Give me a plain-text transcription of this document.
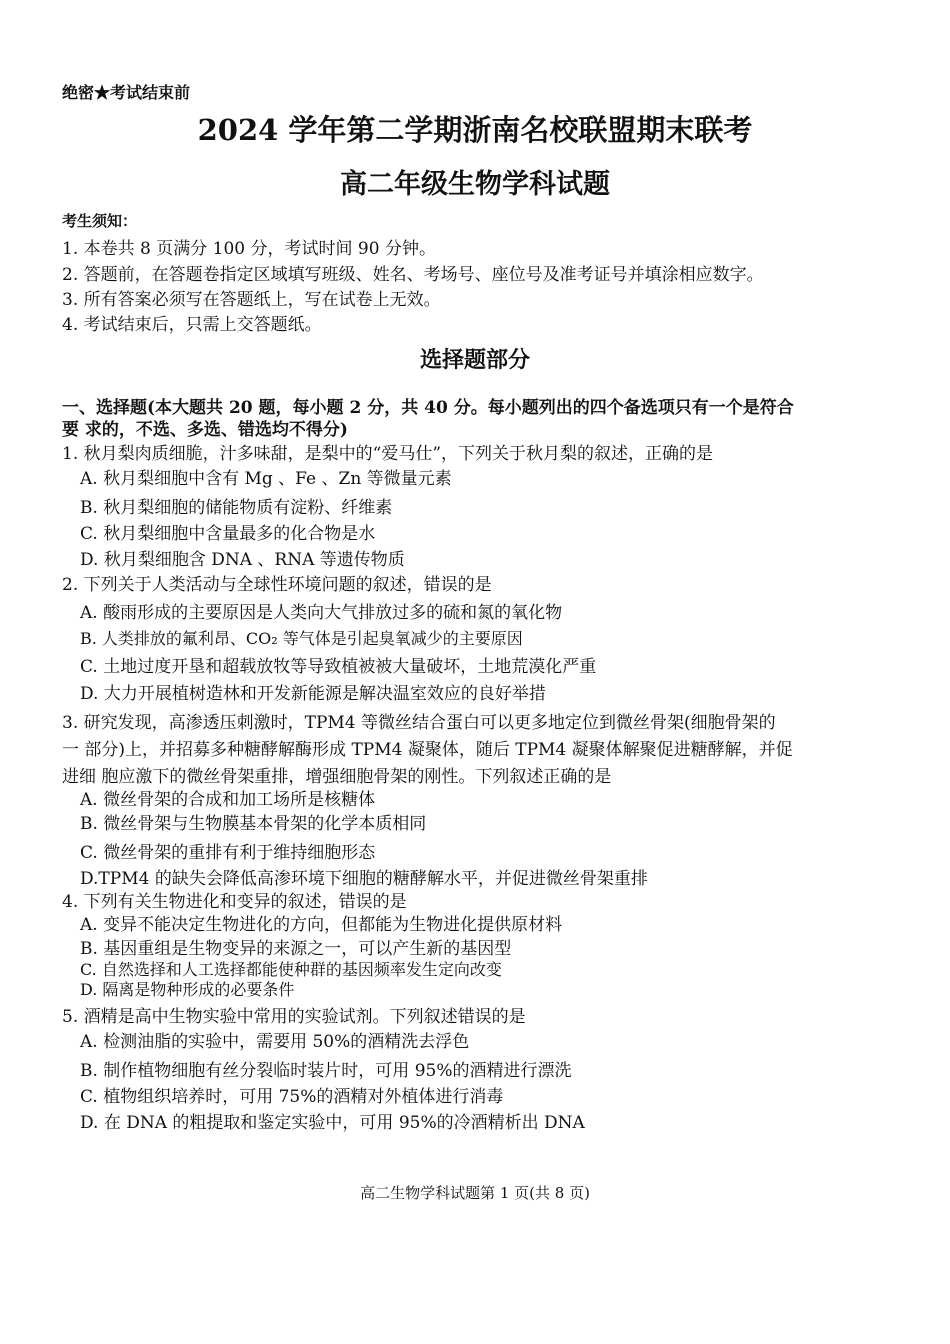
绝密★考试结束前
2024 学年第二学期浙南名校联盟期末联考
高二年级生物学科试题
考生须知：
1. 本卷共 8 页满分 100 分，考试时间 90 分钟。
2. 答题前，在答题卷指定区域填写班级、姓名、考场号、座位号及准考证号并填涂相应数字。
3. 所有答案必须写在答题纸上，写在试卷上无效。
4. 考试结束后，只需上交答题纸。
选择题部分
一、选择题(本大题共 20 题，每小题 2 分，共 40 分。每小题列出的四个备选项只有一个是符合
要 求的，不选、多选、错选均不得分)
1. 秋月梨肉质细脆，汁多味甜，是梨中的“爱马仕”，下列关于秋月梨的叙述，正确的是
A. 秋月梨细胞中含有 Mg 、Fe 、Zn 等微量元素
B. 秋月梨细胞的储能物质有淀粉、纤维素
C. 秋月梨细胞中含量最多的化合物是水
D. 秋月梨细胞含 DNA 、RNA 等遗传物质
2. 下列关于人类活动与全球性环境问题的叙述，错误的是
A. 酸雨形成的主要原因是人类向大气排放过多的硫和氮的氧化物
B. 人类排放的氟利昂、CO₂ 等气体是引起臭氧减少的主要原因
C. 土地过度开垦和超载放牧等导致植被被大量破坏，土地荒漠化严重
D. 大力开展植树造林和开发新能源是解决温室效应的良好举措
3. 研究发现，高渗透压刺激时，TPM4 等微丝结合蛋白可以更多地定位到微丝骨架(细胞骨架的
一 部分)上，并招募多种糖酵解酶形成 TPM4 凝聚体，随后 TPM4 凝聚体解聚促进糖酵解，并促
进细 胞应激下的微丝骨架重排，增强细胞骨架的刚性。下列叙述正确的是
A. 微丝骨架的合成和加工场所是核糖体
B. 微丝骨架与生物膜基本骨架的化学本质相同
C. 微丝骨架的重排有利于维持细胞形态
D.TPM4 的缺失会降低高渗环境下细胞的糖酵解水平，并促进微丝骨架重排
4. 下列有关生物进化和变异的叙述，错误的是
A. 变异不能决定生物进化的方向，但都能为生物进化提供原材料
B. 基因重组是生物变异的来源之一，可以产生新的基因型
C. 自然选择和人工选择都能使种群的基因频率发生定向改变
D. 隔离是物种形成的必要条件
5. 酒精是高中生物实验中常用的实验试剂。下列叙述错误的是
A. 检测油脂的实验中，需要用 50%的酒精洗去浮色
B. 制作植物细胞有丝分裂临时装片时，可用 95%的酒精进行漂洗
C. 植物组织培养时，可用 75%的酒精对外植体进行消毒
D. 在 DNA 的粗提取和鉴定实验中，可用 95%的冷酒精析出 DNA
高二生物学科试题第 1 页(共 8 页)
